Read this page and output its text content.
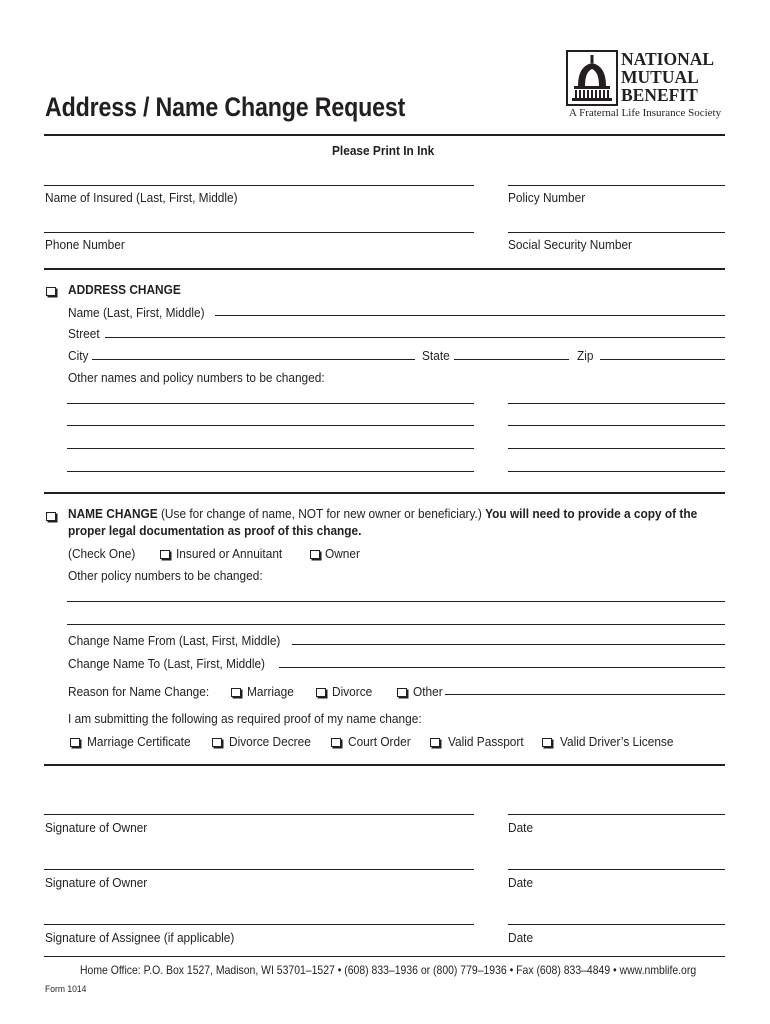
Address / Name Change Request
NATIONAL
MUTUAL
BENEFIT
A Fraternal Life Insurance Society
Please Print In Ink
Name of Insured (Last, First, Middle)	Policy Number
Phone Number	Social Security Number
ADDRESS CHANGE
Name (Last, First, Middle)
Street
City	State	Zip
Other names and policy numbers to be changed:
NAME CHANGE (Use for change of name, NOT for new owner or beneficiary.) You will need to provide a copy of the
proper legal documentation as proof of this change.
(Check One)	Insured or Annuitant	Owner
Other policy numbers to be changed:
Change Name From (Last, First, Middle)
Change Name To (Last, First, Middle)
Reason for Name Change:	Marriage	Divorce	Other
I am submitting the following as required proof of my name change:
Marriage Certificate	Divorce Decree	Court Order	Valid Passport	Valid Driver’s License
Signature of Owner	Date
Signature of Owner	Date
Signature of Assignee (if applicable)	Date
Home Office: P.O. Box 1527, Madison, WI 53701–1527 • (608) 833–1936 or (800) 779–1936 • Fax (608) 833–4849 • www.nmblife.org
Form 1014
